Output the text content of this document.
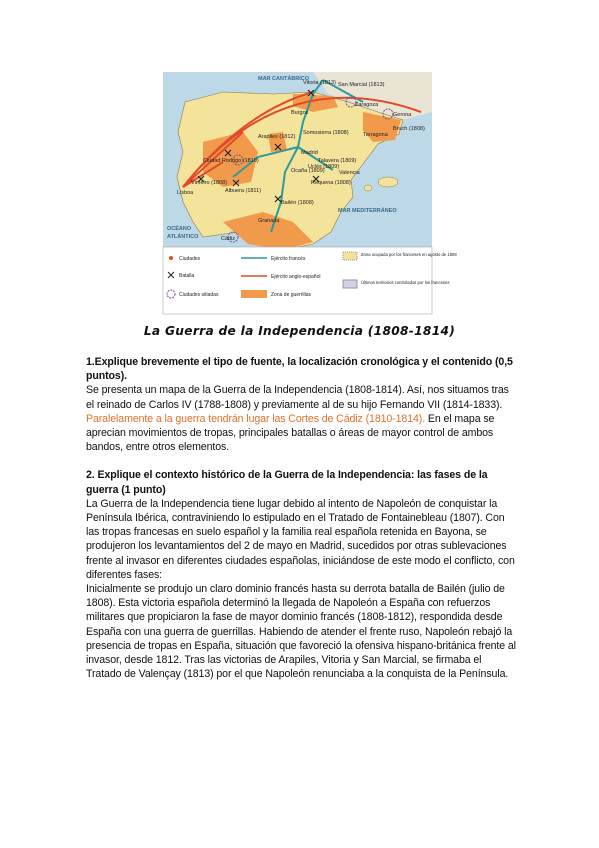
MAR CANTÁBRICO
Vitoria (1813) San Marcial (1813)
Burgos
Zaragoza
Gerona
Somosierra (1808)
Arapiles (1812)
Madrid
Tarragona
Bruch (1808)
Ciudad Rodrigo (1810)
Vimeiro (1808)
Lisboa
Talavera (1809)
Ocaña (1809)
Uclés (1809)
Valencia
Requena (1808)
Albuera (1811)
Bailén (1808)
Granada
Cádiz
MAR MEDITERRÁNEO
OCÉANO
ATLÁNTICO
Ciudades
Batalla
Ciudades sitiadas
Ejército francés
Ejército anglo-español
Zona de guerrillas
Zona ocupada por los franceses en agosto de 1808
Últimos territorios controlados por los franceses
La Guerra de la Independencia (1808-1814)

1.Explique brevemente el tipo de fuente, la localización cronológica y el contenido (0,5 puntos).

Se presenta un mapa de la Guerra de la Independencia (1808-1814). Así, nos situamos tras el reinado de Carlos IV (1788-1808) y previamente al de su hijo Fernando VII (1814-1833). Paralelamente a la guerra tendrán lugar las Cortes de Cádiz (1810-1814). En el mapa se aprecian movimientos de tropas, principales batallas o áreas de mayor control de ambos bandos, entre otros elementos.

2. Explique el contexto histórico de la Guerra de la Independencia: las fases de la guerra (1 punto)

La Guerra de la Independencia tiene lugar debido al intento de Napoleón de conquistar la Península Ibérica, contraviniendo lo estipulado en el Tratado de Fontainebleau (1807). Con las tropas francesas en suelo español y la familia real española retenida en Bayona, se produjeron los levantamientos del 2 de mayo en Madrid, sucedidos por otras sublevaciones frente al invasor en diferentes ciudades españolas, iniciándose de este modo el conflicto, con diferentes fases:

Inicialmente se produjo un claro dominio francés hasta su derrota batalla de Bailén (julio de 1808). Esta victoria española determinó la llegada de Napoleón a España con refuerzos militares que propiciaron la fase de mayor dominio francés (1808-1812), respondida desde España con una guerra de guerrillas. Habiendo de atender el frente ruso, Napoleón rebajó la presencia de tropas en España, situación que favoreció la ofensiva hispano-británica frente al invasor, desde 1812. Tras las victorias de Arapiles, Vitoria y San Marcial, se firmaba el Tratado de Valençay (1813) por el que Napoleón renunciaba a la conquista de la Península.
